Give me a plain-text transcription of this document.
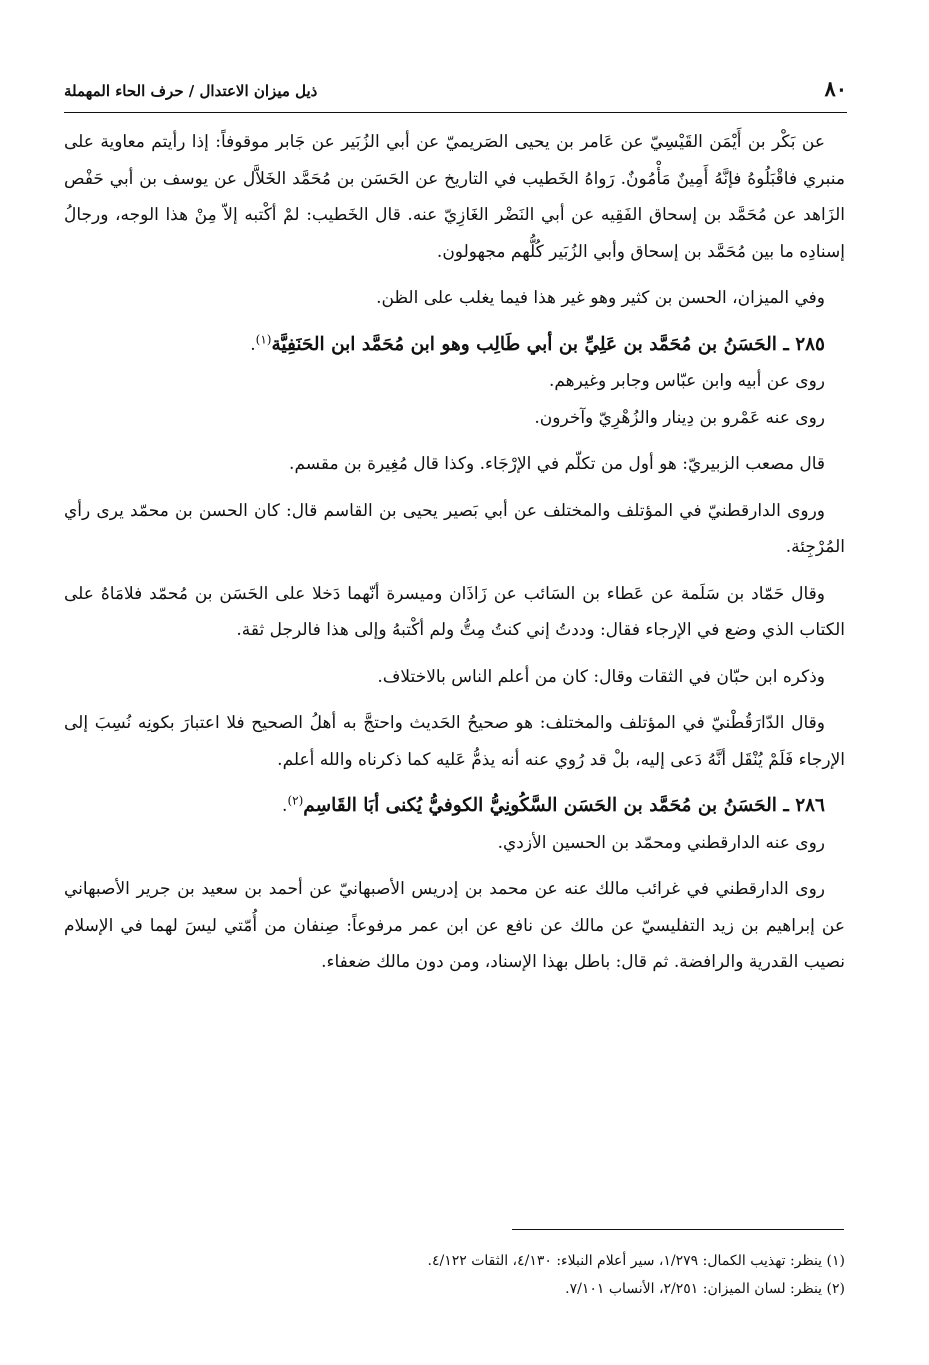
٨٠
ذيل ميزان الاعتدال / حرف الحاء المهملة

عن بَكْر بن أَيْمَن القَيْسِيّ عن عَامر بن يحيى الصَريميّ عن أبي الزُبَير عن جَابر موقوفاً: إذا رأيتم معاوية على منبري فاقْبَلُوهُ فإنَّهُ أَمِينٌ مَأْمُونٌ. رَواهُ الخَطيب في التاريخ عن الحَسَن بن مُحَمَّد الخَلاَّل عن يوسف بن أبي حَفْص الزَاهد عن مُحَمَّد بن إسحاق الفَقِيه عن أبي النَضْر الغَازِيّ عنه. قال الخَطيب: لمْ أكْتبه إلاّ مِنْ هذا الوجه، ورجالُ إسنادِه ما بين مُحَمَّد بن إسحاق وأبي الزُبَير كُلُّهم مجهولون.

وفي الميزان، الحسن بن كثير وهو غير هذا فيما يغلب على الظن.

٢٨٥ ـ الحَسَنُ بن مُحَمَّد بن عَلِيِّ بن أبي طَالِب وهو ابن مُحَمَّد ابن الحَنَفِيَّة$^{(١)}$.

روى عن أبيه وابن عبّاس وجابر وغيرهم.

روى عنه عَمْرو بن دِينار والزُهْرِيّ وآخرون.

قال مصعب الزبيريّ: هو أول من تكلّم في الإرْجَاء. وكذا قال مُغِيرة بن مقسم.

وروى الدارقطنيّ في المؤتلف والمختلف عن أبي بَصير يحيى بن القاسم قال: كان الحسن بن محمّد يرى رأي المُرْجِئة.

وقال حَمّاد بن سَلَمة عن عَطاء بن السَائب عن زَاذَان وميسرة أنّهما دَخلا على الحَسَن بن مُحمّد فلامَاهُ على الكتاب الذي وضع في الإرجاء فقال: وددتُ إني كنتُ مِتُّ ولم أكْتبهُ وإلى هذا فالرجل ثقة.

وذكره ابن حبّان في الثقات وقال: كان من أعلم الناس بالاختلاف.

وقال الدّارَقُطْنيّ في المؤتلف والمختلف: هو صحيحُ الحَديث واحتجَّ به أهلُ الصحيح فلا اعتبارَ بكونِه نُسِبَ إلى الإرجاء فَلَمْ يُنْقَل أنَّهُ دَعى إليه، بلْ قد رُوي عنه أنه يذمُّ عَليه كما ذكرناه والله أعلم.

٢٨٦ ـ الحَسَنُ بن مُحَمَّد بن الحَسَن السَّكُونِيُّ الكوفيُّ يُكنى أبَا القَاسِم$^{(٢)}$.

روى عنه الدارقطني ومحمّد بن الحسين الأزدي.

روى الدارقطني في غرائب مالك عنه عن محمد بن إدريس الأصبهانيّ عن أحمد بن سعيد بن جرير الأصبهاني عن إبراهيم بن زيد التفليسيّ عن مالك عن نافع عن ابن عمر مرفوعاً: صِنفان من أُمّتي ليسَ لهما في الإسلام نصيب القدرية والرافضة. ثم قال: باطل بهذا الإسناد، ومن دون مالك ضعفاء.

(١) ينظر: تهذيب الكمال: ١/٢٧٩، سير أعلام النبلاء: ٤/١٣٠، الثقات ٤/١٢٢.

(٢) ينظر: لسان الميزان: ٢/٢٥١، الأنساب ٧/١٠١.
